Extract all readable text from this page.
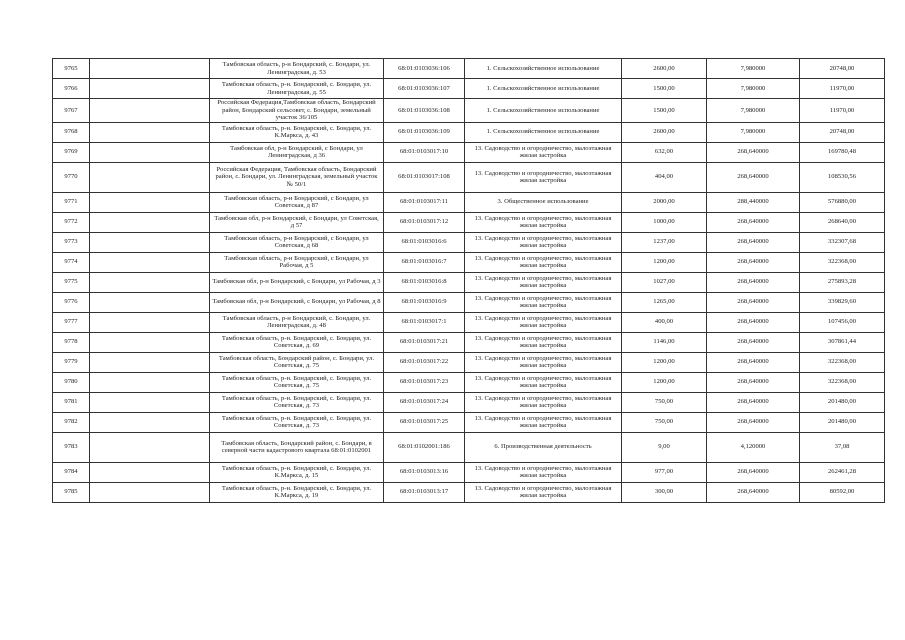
9765		Тамбовская область, р-н Бондарский, с. Бондари, ул. Ленинградская, д. 53	68:01:0103036:106	1. Сельскохозяйственное использование	2600,00	7,980000	20748,00
9766		Тамбовская область, р-н. Бондарский, с. Бондари, ул. Ленинградская, д. 55	68:01:0103036:107	1. Сельскохозяйственное использование	1500,00	7,980000	11970,00
9767		Российская Федерация,Тамбовская область, Бондарский район, Бондарский сельсовет, с. Бондари, земельный участок 36/105	68:01:0103036:108	1. Сельскохозяйственное использование	1500,00	7,980000	11970,00
9768		Тамбовская область, р-н. Бондарский, с. Бондари, ул. К.Маркса, д. 43	68:01:0103036:109	1. Сельскохозяйственное использование	2600,00	7,980000	20748,00
9769		Тамбовская обл, р-н Бондарский, с Бондари, ул Ленинградская, д 36	68:01:0103017:10	13. Садоводство и огородничество, малоэтажная жилая застройка	632,00	268,640000	169780,48
9770		Российская Федерация, Тамбовская область, Бондарский район, с. Бондари, ул. Ленинградская, земельный участок № 50/1	68:01:0103017:108	13. Садоводство и огородничество, малоэтажная жилая застройка	404,00	268,640000	108530,56
9771		Тамбовская область, р-н Бондарский, с Бондари, ул Советская, д 87	68:01:0103017:11	3. Общественное использование	2000,00	288,440000	576880,00
9772		Тамбовская обл, р-н Бондарский, с Бондари, ул Советская, д 57	68:01:0103017:12	13. Садоводство и огородничество, малоэтажная жилая застройка	1000,00	268,640000	268640,00
9773		Тамбовская область, р-н Бондарский, с Бондари, ул Советская, д 68	68:01:0103016:6	13. Садоводство и огородничество, малоэтажная жилая застройка	1237,00	268,640000	332307,68
9774		Тамбовская область, р-н Бондарский, с Бондари, ул Рабочая, д 5	68:01:0103016:7	13. Садоводство и огородничество, малоэтажная жилая застройка	1200,00	268,640000	322368,00
9775		Тамбовская обл, р-н Бондарский, с Бондари, ул Рабочая, д 3	68:01:0103016:8	13. Садоводство и огородничество, малоэтажная жилая застройка	1027,00	268,640000	275893,28
9776		Тамбовская обл, р-н Бондарский, с Бондари, ул Рабочая, д 8	68:01:0103016:9	13. Садоводство и огородничество, малоэтажная жилая застройка	1265,00	268,640000	339829,60
9777		Тамбовская область, р-н Бондарский, с. Бондари, ул. Ленинградская, д. 48	68:01:0103017:1	13. Садоводство и огородничество, малоэтажная жилая застройка	400,00	268,640000	107456,00
9778		Тамбовская область, р-н. Бондарский, с. Бондари, ул. Советская, д. 69	68:01:0103017:21	13. Садоводство и огородничество, малоэтажная жилая застройка	1146,00	268,640000	307861,44
9779		Тамбовская область, Бондарский район, с. Бондари, ул. Советская, д. 75	68:01:0103017:22	13. Садоводство и огородничество, малоэтажная жилая застройка	1200,00	268,640000	322368,00
9780		Тамбовская область, р-н. Бондарский, с. Бондари, ул. Советская, д. 75	68:01:0103017:23	13. Садоводство и огородничество, малоэтажная жилая застройка	1200,00	268,640000	322368,00
9781		Тамбовская область, р-н. Бондарский, с. Бондари, ул. Советская, д. 73	68:01:0103017:24	13. Садоводство и огородничество, малоэтажная жилая застройка	750,00	268,640000	201480,00
9782		Тамбовская область, р-н. Бондарский, с. Бондари, ул. Советская, д. 73	68:01:0103017:25	13. Садоводство и огородничество, малоэтажная жилая застройка	750,00	268,640000	201480,00
9783		Тамбовская область, Бондарский район, с. Бондари, в северной части кадастрового квартала 68:01:0102001	68:01:0102001:186	6. Производственная деятельность	9,00	4,120000	37,08
9784		Тамбовская область, р-н. Бондарский, с. Бондари, ул. К.Маркса, д. 15	68:01:0103013:16	13. Садоводство и огородничество, малоэтажная жилая застройка	977,00	268,640000	262461,28
9785		Тамбовская область, р-н. Бондарский, с. Бондари, ул. К.Маркса, д. 19	68:01:0103013:17	13. Садоводство и огородничество, малоэтажная жилая застройка	300,00	268,640000	80592,00
